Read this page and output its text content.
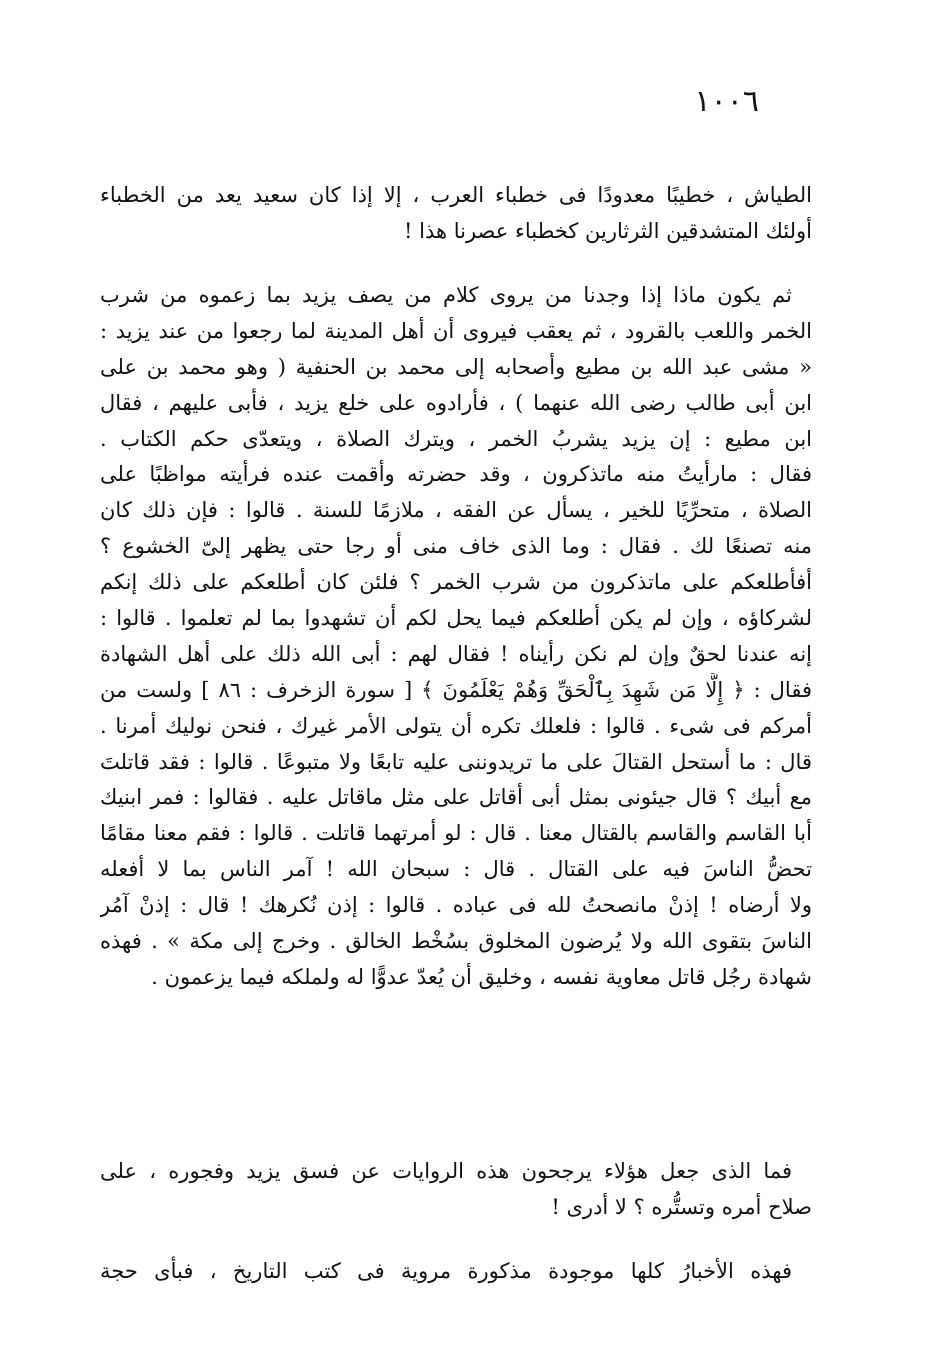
١٠٠٦
الطياش ، خطيبًا معدودًا فى خطباء العرب ، إلا إذا كان سعيد يعد من الخطباء
أولئك المتشدقين الثرثارين كخطباء عصرنا هذا !
ثم يكون ماذا إذا وجدنا من يروى كلام من يصف يزيد بما زعموه من شرب
الخمر واللعب بالقرود ، ثم يعقب فيروى أن أهل المدينة لما رجعوا من عند يزيد :
« مشى عبد الله بن مطيع وأصحابه إلى محمد بن الحنفية ( وهو محمد بن على
ابن أبى طالب رضى الله عنهما ) ، فأرادوه على خلع يزيد ، فأبى عليهم ، فقال
ابن مطيع : إن يزيد يشربُ الخمر ، ويترك الصلاة ، ويتعدّى حكم الكتاب .
فقال : مارأيتُ منه ماتذكرون ، وقد حضرته وأقمت عنده فرأيته مواظبًا على
الصلاة ، متحرِّيًا للخير ، يسأل عن الفقه ، ملازمًا للسنة . قالوا : فإن ذلك كان
منه تصنعًا لك . فقال : وما الذى خاف منى أو رجا حتى يظهر إلىّ الخشوع ؟
أفأطلعكم على ماتذكرون من شرب الخمر ؟ فلئن كان أطلعكم على ذلك إنكم
لشركاؤه ، وإن لم يكن أطلعكم فيما يحل لكم أن تشهدوا بما لم تعلموا . قالوا :
إنه عندنا لحقٌ وإن لم نكن رأيناه ! فقال لهم : أبى الله ذلك على أهل الشهادة
فقال : ﴿ إِلَّا مَن شَهِدَ بِٱلْحَقِّ وَهُمْ يَعْلَمُونَ ﴾ [ سورة الزخرف : ٨٦ ] ولست من
أمركم فى شىء . قالوا : فلعلك تكره أن يتولى الأمر غيرك ، فنحن نوليك أمرنا .
قال : ما أستحل القتالَ على ما تريدوننى عليه تابعًا ولا متبوعًا . قالوا : فقد قاتلتَ
مع أبيك ؟ قال جيئونى بمثل أبى أقاتل على مثل ماقاتل عليه . فقالوا : فمر ابنيك
أبا القاسم والقاسم بالقتال معنا . قال : لو أمرتهما قاتلت . قالوا : فقم معنا مقامًا
تحضُّ الناسَ فيه على القتال . قال : سبحان الله ! آمر الناس بما لا أفعله
ولا أرضاه ! إذنْ مانصحتُ لله فى عباده . قالوا : إذن نُكرهك ! قال : إذنْ آمُر
الناسَ بتقوى الله ولا يُرضون المخلوق بسُخْط الخالق . وخرج إلى مكة » . فهذه
شهادة رجُل قاتل معاوية نفسه ، وخليق أن يُعدّ عدوًّا له ولملكه فيما يزعمون .
فما الذى جعل هؤلاء يرجحون هذه الروايات عن فسق يزيد وفجوره ، على
صلاح أمره وتستُّره ؟ لا أدرى !
فهذه الأخبارُ كلها موجودة مذكورة مروية فى كتب التاريخ ، فبأى حجة
